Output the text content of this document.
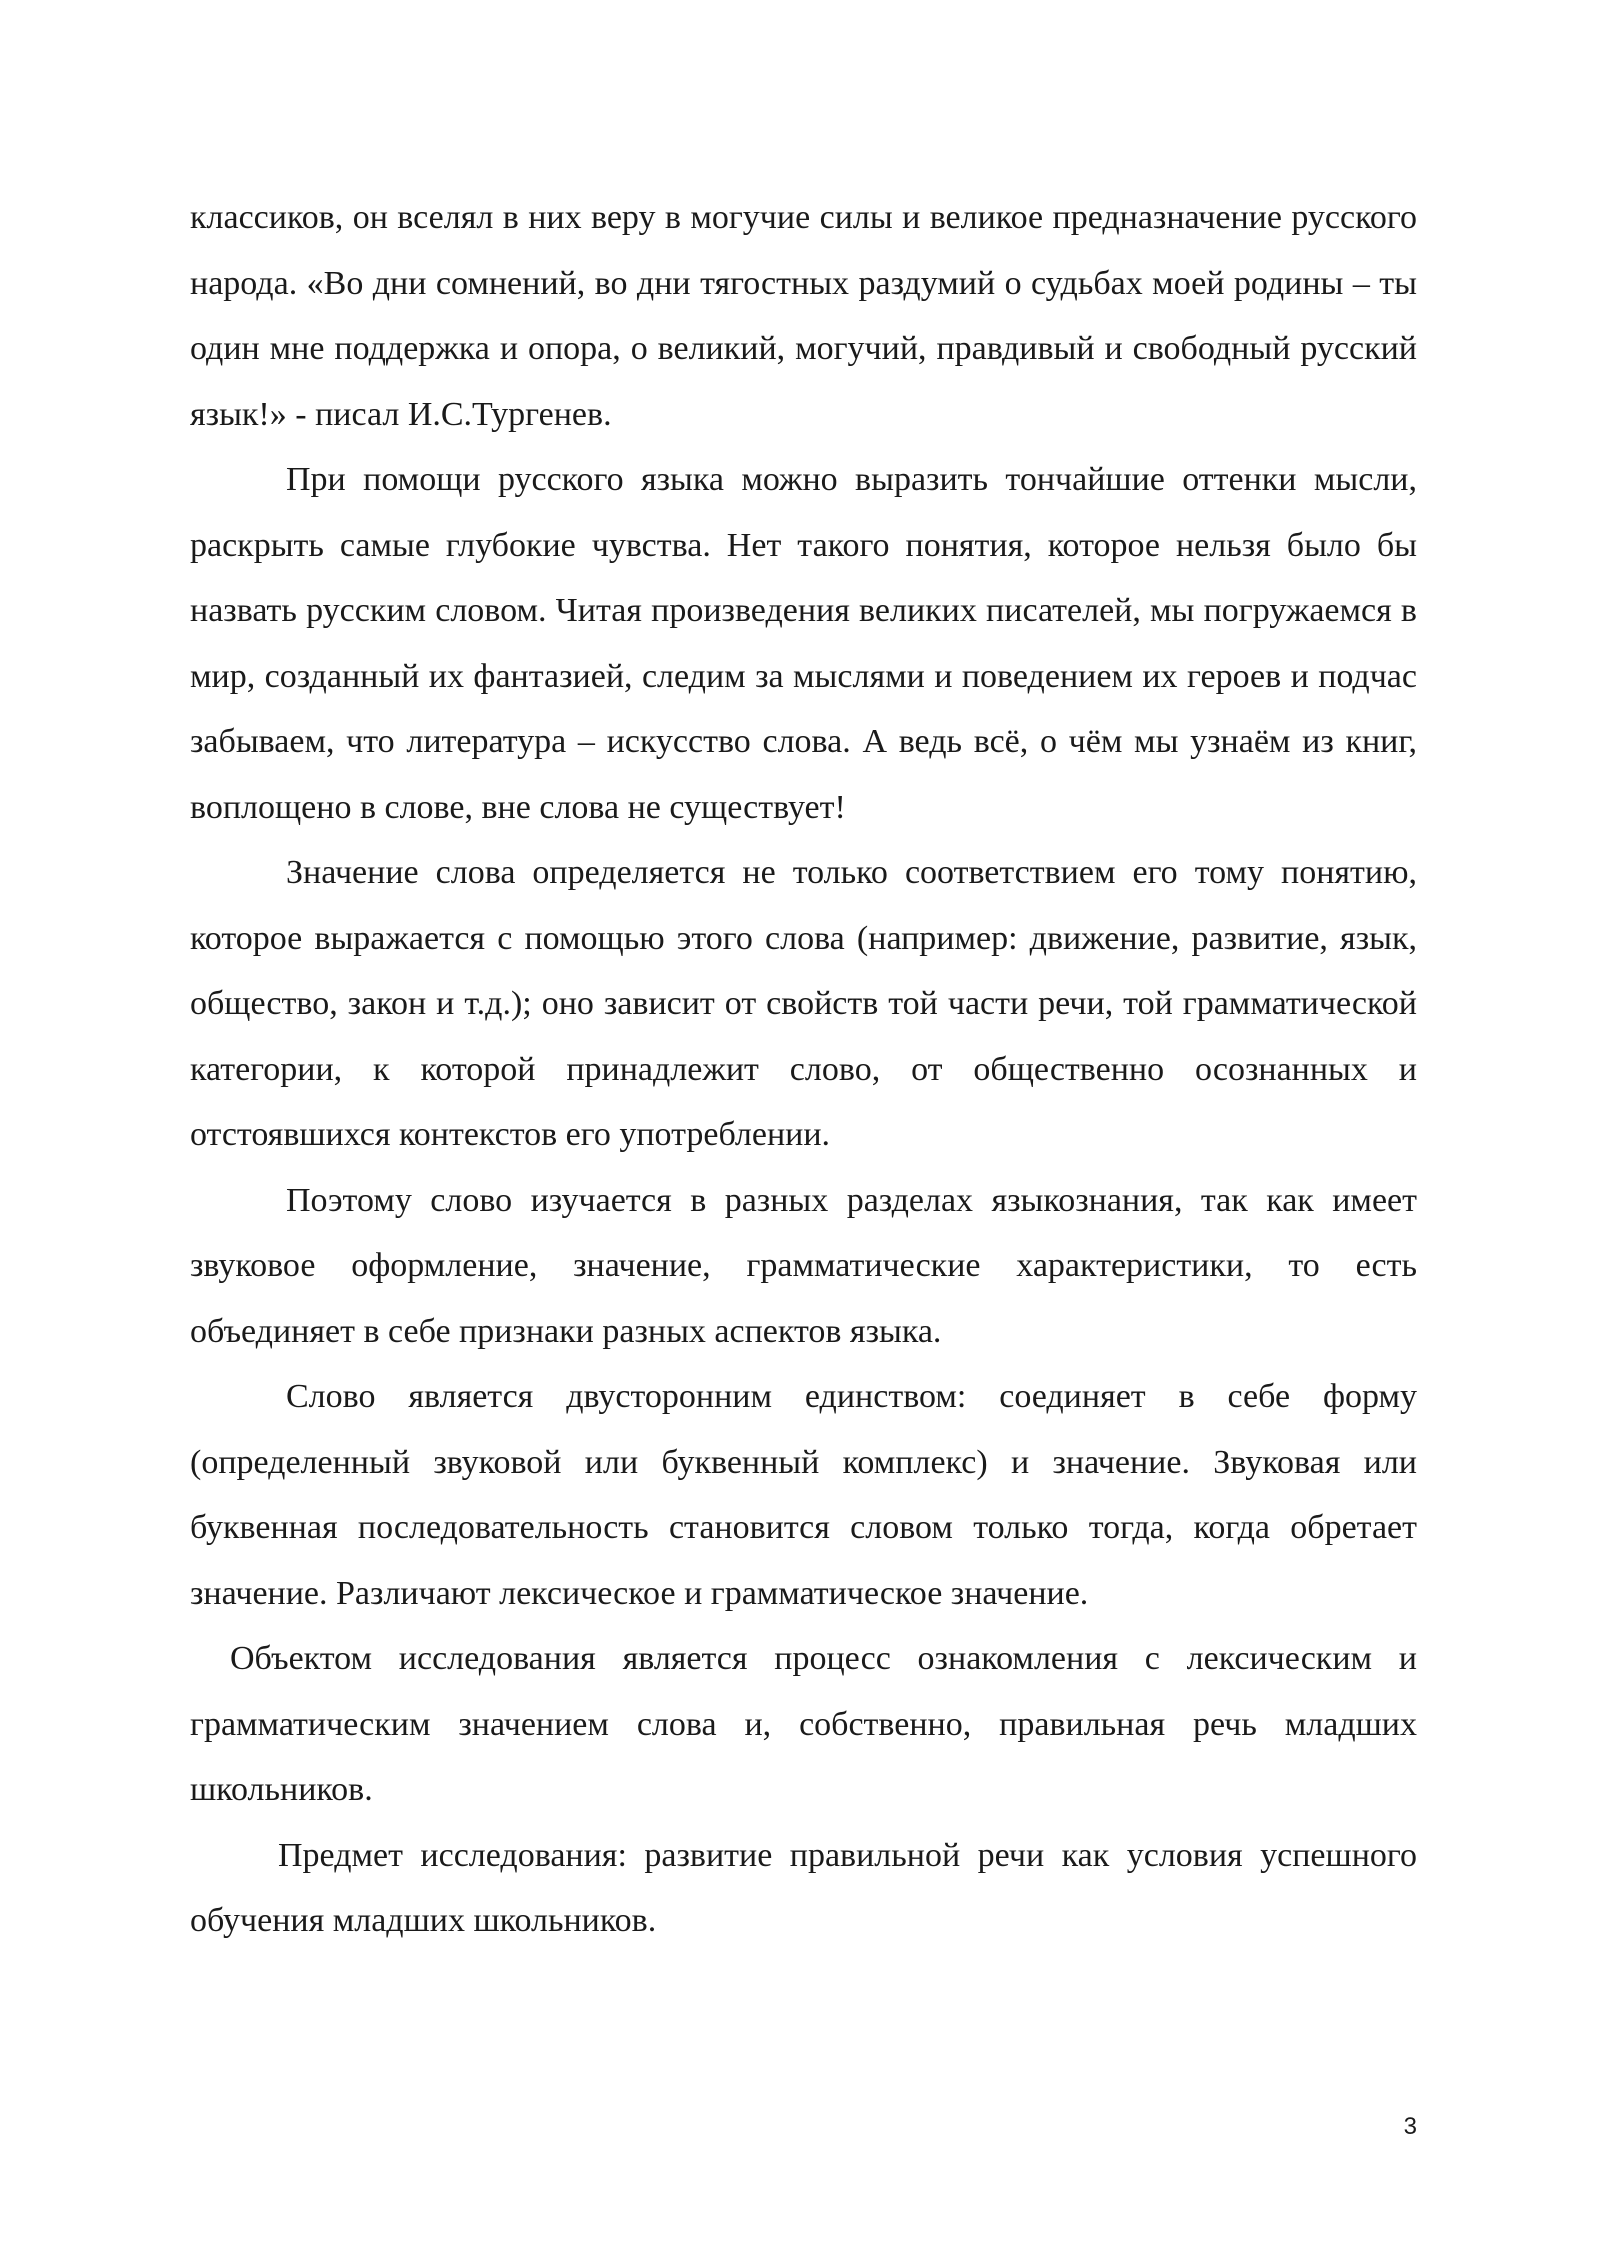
классиков, он вселял в них веру в могучие силы и великое предназначение русского народа. «Во дни сомнений, во дни тягостных раздумий о судьбах моей родины – ты один мне поддержка и опора, о великий, могучий, правдивый и свободный русский язык!» - писал И.С.Тургенев.

При помощи русского языка можно выразить тончайшие оттенки мысли, раскрыть самые глубокие чувства. Нет такого понятия, которое нельзя было бы назвать русским словом. Читая произведения великих писателей, мы погружаемся в мир, созданный их фантазией, следим за мыслями и поведением их героев и подчас забываем, что литература – искусство слова. А ведь всё, о чём мы узнаём из книг, воплощено в слове, вне слова не существует!

Значение слова определяется не только соответствием его тому понятию, которое выражается с помощью этого слова (например: движение, развитие, язык, общество, закон и т.д.); оно зависит от свойств той части речи, той грамматической категории, к которой принадлежит слово, от общественно осознанных и отстоявшихся контекстов его употреблении.

Поэтому слово изучается в разных разделах языкознания, так как имеет звуковое оформление, значение, грамматические характеристики, то есть объединяет в себе признаки разных аспектов языка.

Слово является двусторонним единством: соединяет в себе форму (определенный звуковой или буквенный комплекс) и значение. Звуковая или буквенная последовательность становится словом только тогда, когда обретает значение. Различают лексическое и грамматическое значение.

Объектом исследования является процесс ознакомления с лексическим и грамматическим значением слова и, собственно, правильная речь младших школьников.

Предмет исследования: развитие правильной речи как условия успешного обучения младших школьников.

3
